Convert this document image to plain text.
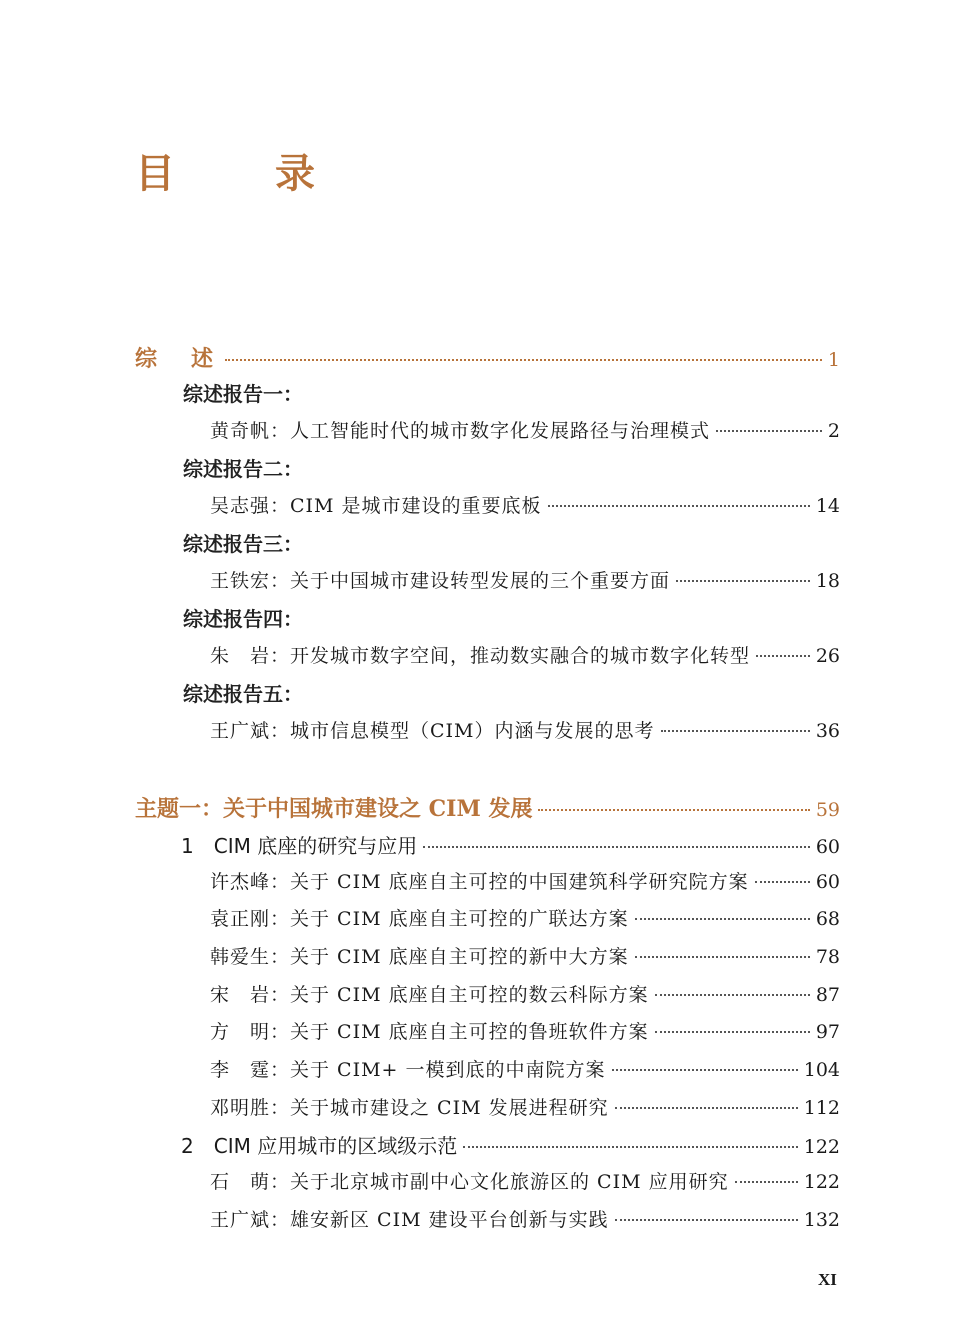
目　录
综　述	1
综述报告一：
黄奇帆： 人工智能时代的城市数字化发展路径与治理模式	2
综述报告二：
吴志强： CIM 是城市建设的重要底板	14
综述报告三：
王铁宏： 关于中国城市建设转型发展的三个重要方面	18
综述报告四：
朱　岩： 开发城市数字空间，推动数实融合的城市数字化转型	26
综述报告五：
王广斌： 城市信息模型（CIM）内涵与发展的思考	36
主题一：关于中国城市建设之 CIM 发展	59
1 CIM 底座的研究与应用	60
许杰峰： 关于 CIM 底座自主可控的中国建筑科学研究院方案	60
袁正刚： 关于 CIM 底座自主可控的广联达方案	68
韩爱生： 关于 CIM 底座自主可控的新中大方案	78
宋　岩： 关于 CIM 底座自主可控的数云科际方案	87
方　明： 关于 CIM 底座自主可控的鲁班软件方案	97
李　霆： 关于 CIM+ 一模到底的中南院方案	104
邓明胜： 关于城市建设之 CIM 发展进程研究	112
2 CIM 应用城市的区域级示范	122
石　萌： 关于北京城市副中心文化旅游区的 CIM 应用研究	122
王广斌： 雄安新区 CIM 建设平台创新与实践	132
XI
